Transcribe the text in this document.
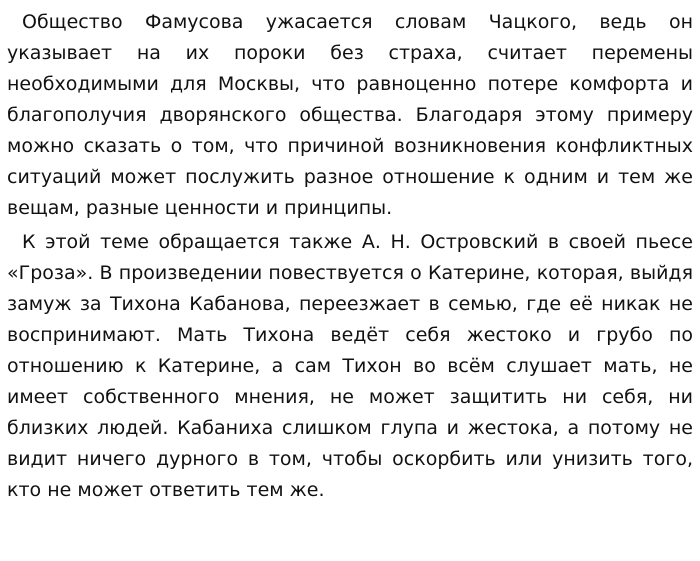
Общество Фамусова ужасается словам Чацкого, ведь он указывает на их пороки без страха, считает перемены необходимыми для Москвы, что равноценно потере комфорта и благополучия дворянского общества. Благодаря этому примеру можно сказать о том, что причиной возникновения конфликтных ситуаций может послужить разное отношение к одним и тем же вещам, разные ценности и принципы.

К этой теме обращается также А. Н. Островский в своей пьесе «Гроза». В произведении повествуется о Катерине, которая, выйдя замуж за Тихона Кабанова, переезжает в семью, где её никак не воспринимают. Мать Тихона ведёт себя жестоко и грубо по отношению к Катерине, а сам Тихон во всём слушает мать, не имеет собственного мнения, не может защитить ни себя, ни близких людей. Кабаниха слишком глупа и жестока, а потому не видит ничего дурного в том, чтобы оскорбить или унизить того, кто не может ответить тем же.
